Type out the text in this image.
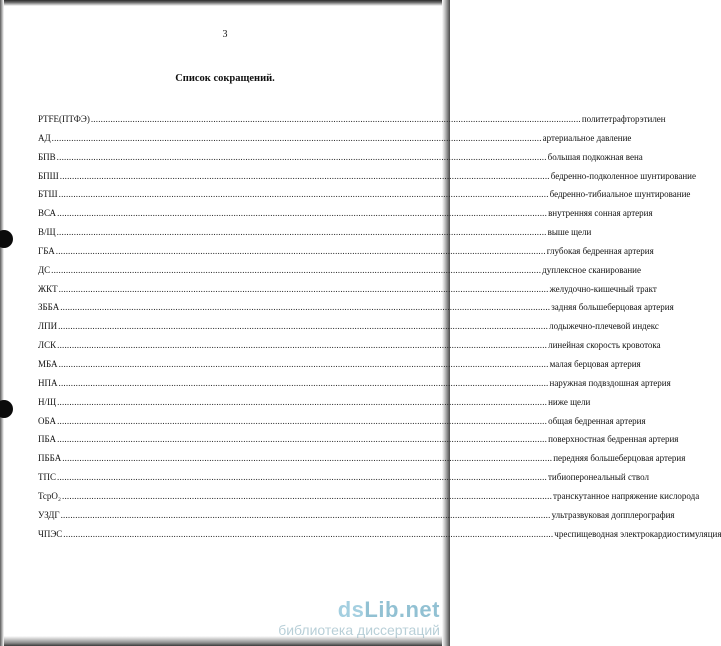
3
Список сокращений.
PTFE(ПТФЭ) ........................................................................................................................................................................................................ политетрафторэтилен
АД ........................................................................................................................................................................................................ артериальное давление
БПВ ........................................................................................................................................................................................................ большая подкожная вена
БПШ ........................................................................................................................................................................................................ бедренно-подколенное шунтирование
БТШ ........................................................................................................................................................................................................ бедренно-тибиальное шунтирование
ВСА ........................................................................................................................................................................................................ внутренняя сонная артерия
В/Щ ........................................................................................................................................................................................................ выше щели
ГБА ........................................................................................................................................................................................................ глубокая бедренная артерия
ДС ........................................................................................................................................................................................................ дуплексное сканирование
ЖКТ ........................................................................................................................................................................................................ желудочно-кишечный тракт
ЗББА ........................................................................................................................................................................................................ задняя большеберцовая артерия
ЛПИ ........................................................................................................................................................................................................ лодыжечно-плечевой индекс
ЛСК ........................................................................................................................................................................................................ линейная скорость кровотока
МБА ........................................................................................................................................................................................................ малая берцовая артерия
НПА ........................................................................................................................................................................................................ наружная подвздошная артерия
Н/Щ ........................................................................................................................................................................................................ ниже щели
ОБА ........................................................................................................................................................................................................ общая бедренная артерия
ПБА ........................................................................................................................................................................................................ поверхностная бедренная артерия
ПББА ........................................................................................................................................................................................................ передняя большеберцовая артерия
ТПС ........................................................................................................................................................................................................ тибиоперонеальный ствол
TcpO₂ ........................................................................................................................................................................................................ транскутанное напряжение кислорода
УЗДГ ........................................................................................................................................................................................................ ультразвуковая допплерография
ЧПЭС ........................................................................................................................................................................................................ чреспищеводная электрокардиостимуляция
dsLib.net
библиотека диссертаций
